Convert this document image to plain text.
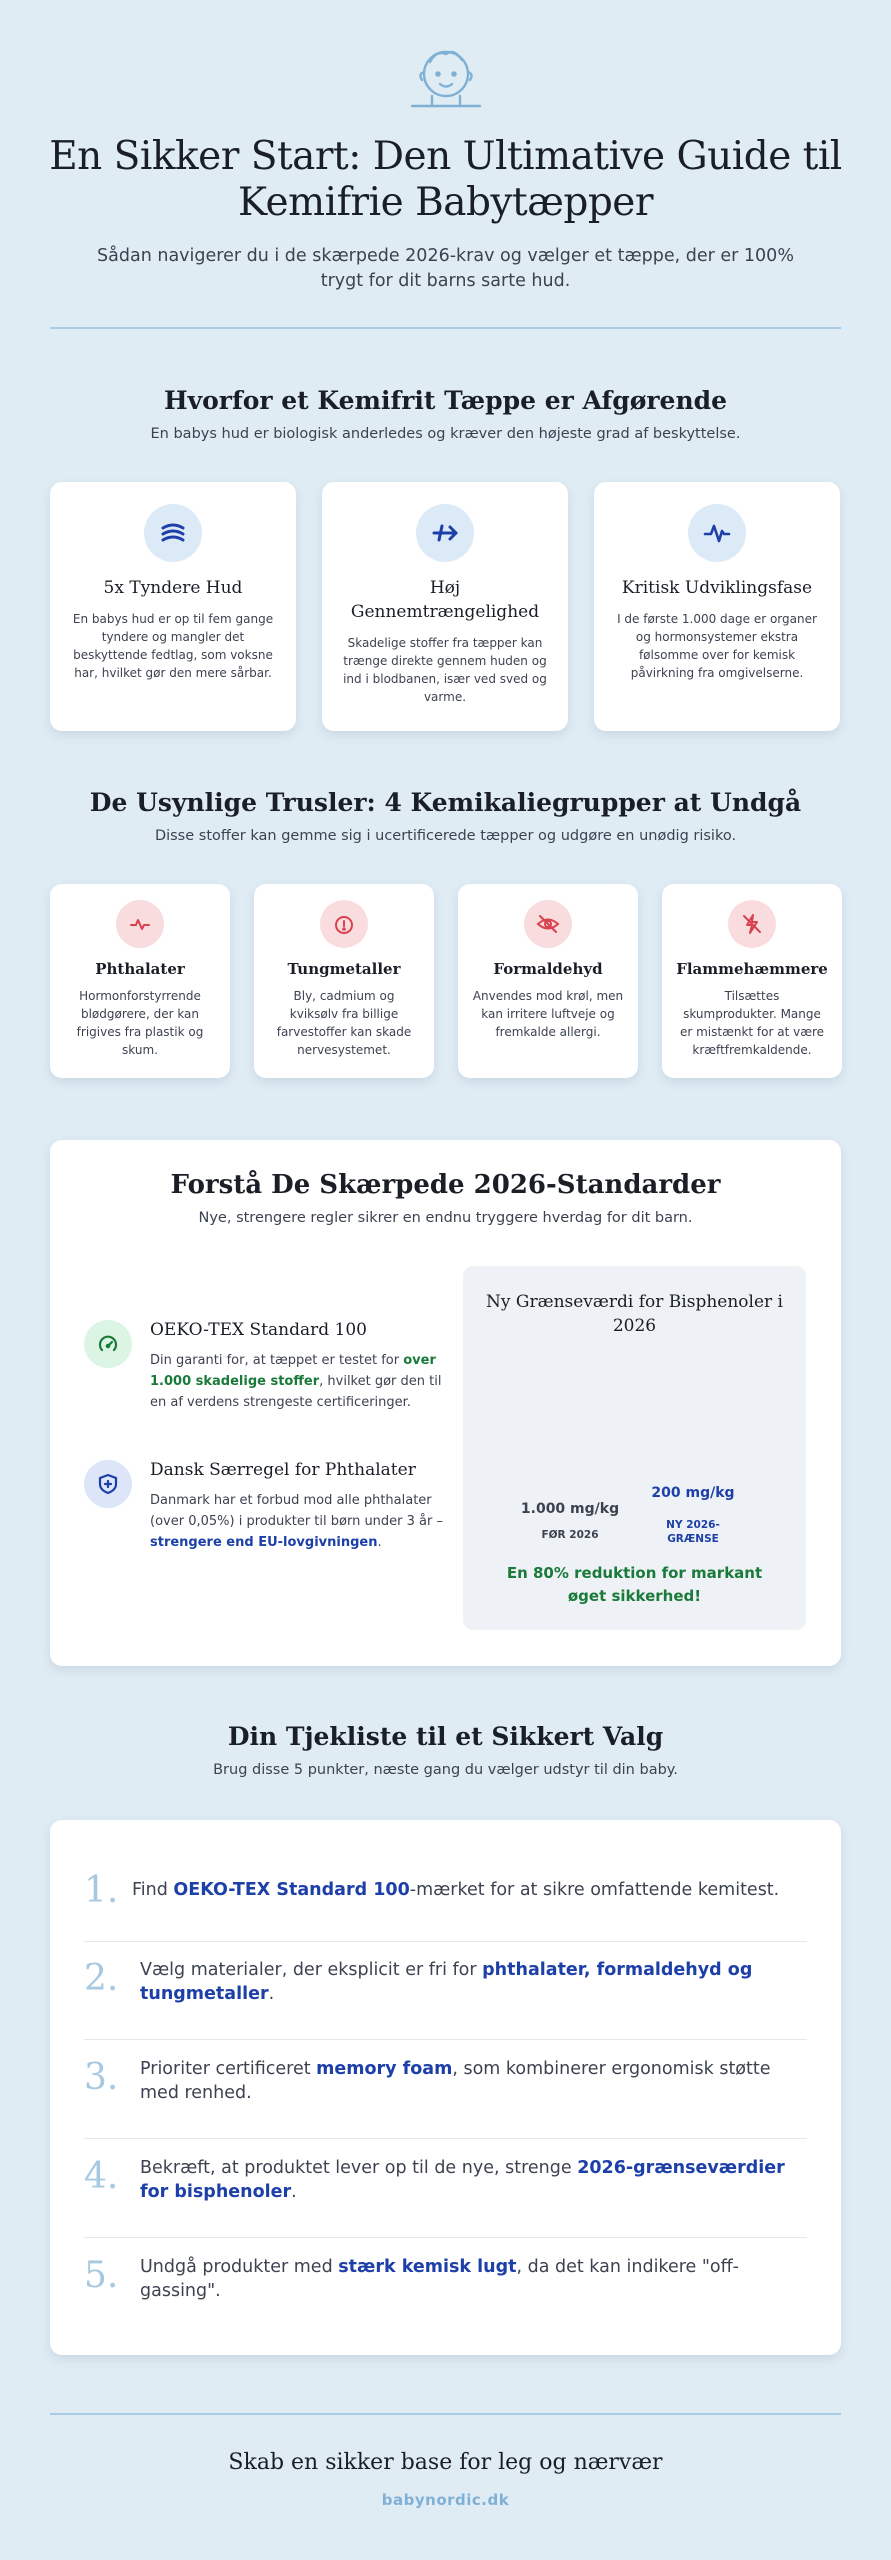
En Sikker Start: Den Ultimative Guide til Kemifrie Babytæpper

Sådan navigerer du i de skærpede 2026-krav og vælger et tæppe, der er 100% trygt for dit barns sarte hud.

Hvorfor et Kemifrit Tæppe er Afgørende

En babys hud er biologisk anderledes og kræver den højeste grad af beskyttelse.

5x Tyndere Hud
En babys hud er op til fem gange tyndere og mangler det beskyttende fedtlag, som voksne har, hvilket gør den mere sårbar.
Høj Gennemtrængelighed
Skadelige stoffer fra tæpper kan trænge direkte gennem huden og ind i blodbanen, især ved sved og varme.
Kritisk Udviklingsfase
I de første 1.000 dage er organer og hormonsystemer ekstra følsomme over for kemisk påvirkning fra omgivelserne.
De Usynlige Trusler: 4 Kemikaliegrupper at Undgå

Disse stoffer kan gemme sig i ucertificerede tæpper og udgøre en unødig risiko.

Phthalater
Hormonforstyrrende blødgørere, der kan frigives fra plastik og skum.
Tungmetaller
Bly, cadmium og kviksølv fra billige farvestoffer kan skade nervesystemet.
Formaldehyd
Anvendes mod krøl, men kan irritere luftveje og fremkalde allergi.
Flammehæmmere
Tilsættes skumprodukter. Mange er mistænkt for at være kræftfremkaldende.
Forstå De Skærpede 2026-Standarder

Nye, strengere regler sikrer en endnu tryggere hverdag for dit barn.

OEKO-TEX Standard 100
Din garanti for, at tæppet er testet for over 1.000 skadelige stoffer, hvilket gør den til en af verdens strengeste certificeringer.
Dansk Særregel for Phthalater
Danmark har et forbud mod alle phthalater (over 0,05%) i produkter til børn under 3 år – strengere end EU-lovgivningen.
Ny Grænseværdi for Bisphenoler i 2026
1.000 mg/kg
FØR 2026
200 mg/kg
NY 2026-GRÆNSE
En 80% reduktion for markant øget sikkerhed!
Din Tjekliste til et Sikkert Valg

Brug disse 5 punkter, næste gang du vælger udstyr til din baby.

1. Find OEKO-TEX Standard 100-mærket for at sikre omfattende kemitest.
2. Vælg materialer, der eksplicit er fri for phthalater, formaldehyd og tungmetaller.
3. Prioriter certificeret memory foam, som kombinerer ergonomisk støtte med renhed.
4. Bekræft, at produktet lever op til de nye, strenge 2026-grænseværdier for bisphenoler.
5. Undgå produkter med stærk kemisk lugt, da det kan indikere "off-gassing".
Skab en sikker base for leg og nærvær
babynordic.dk
